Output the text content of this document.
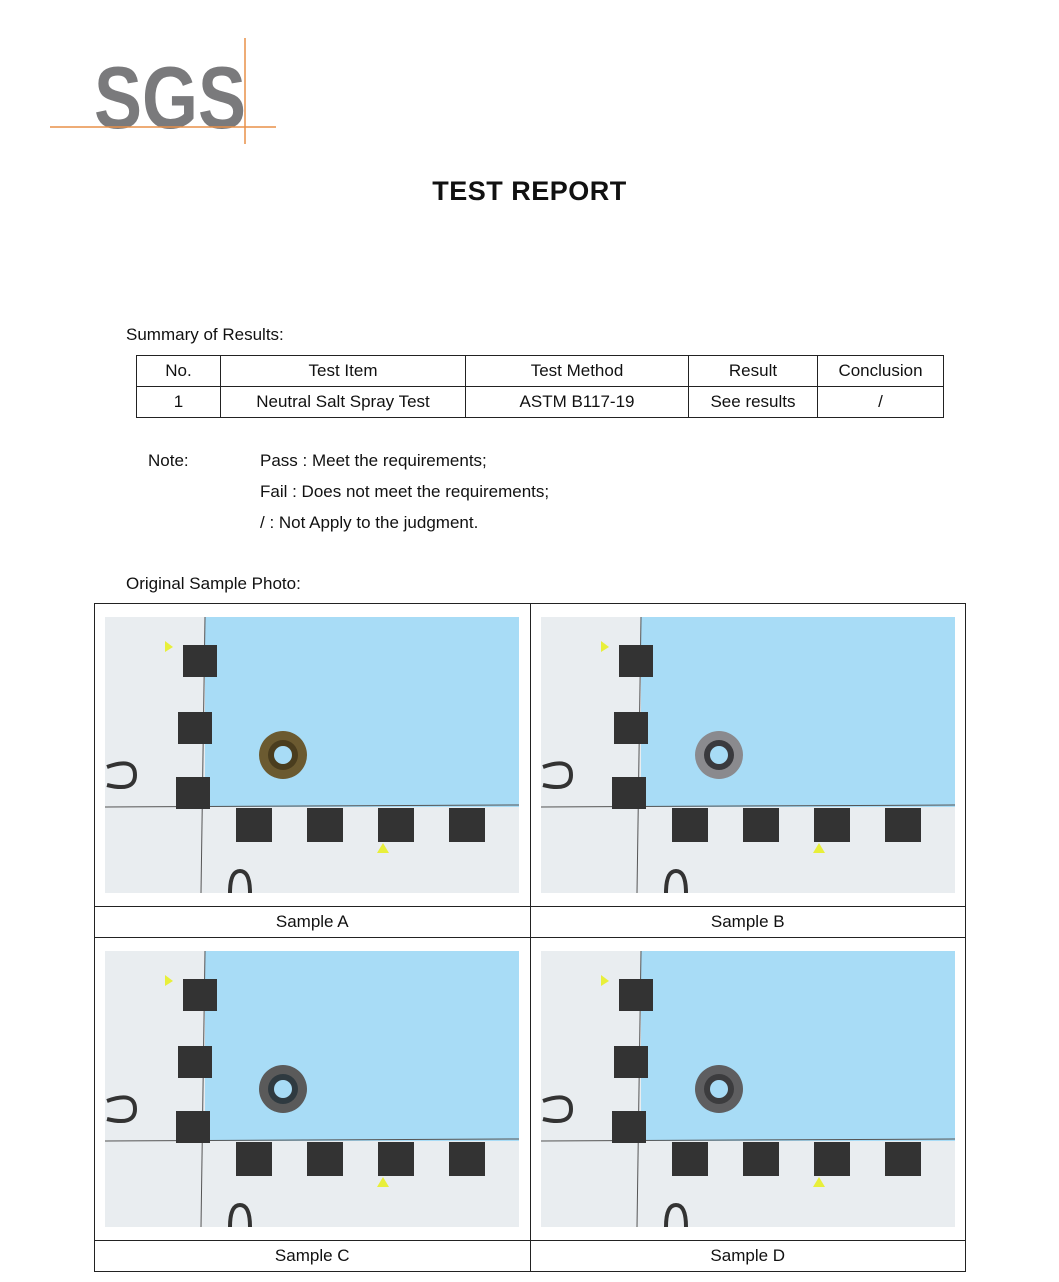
SGS
TEST REPORT
Summary of Results:
No.	Test Item	Test Method	Result	Conclusion
1	Neutral Salt Spray Test	ASTM B117-19	See results	/
Note:	Pass : Meet the requirements;
Fail : Does not meet the requirements;
/ : Not Apply to the judgment.
Original Sample Photo:

Sample A	Sample B

Sample C	Sample D
